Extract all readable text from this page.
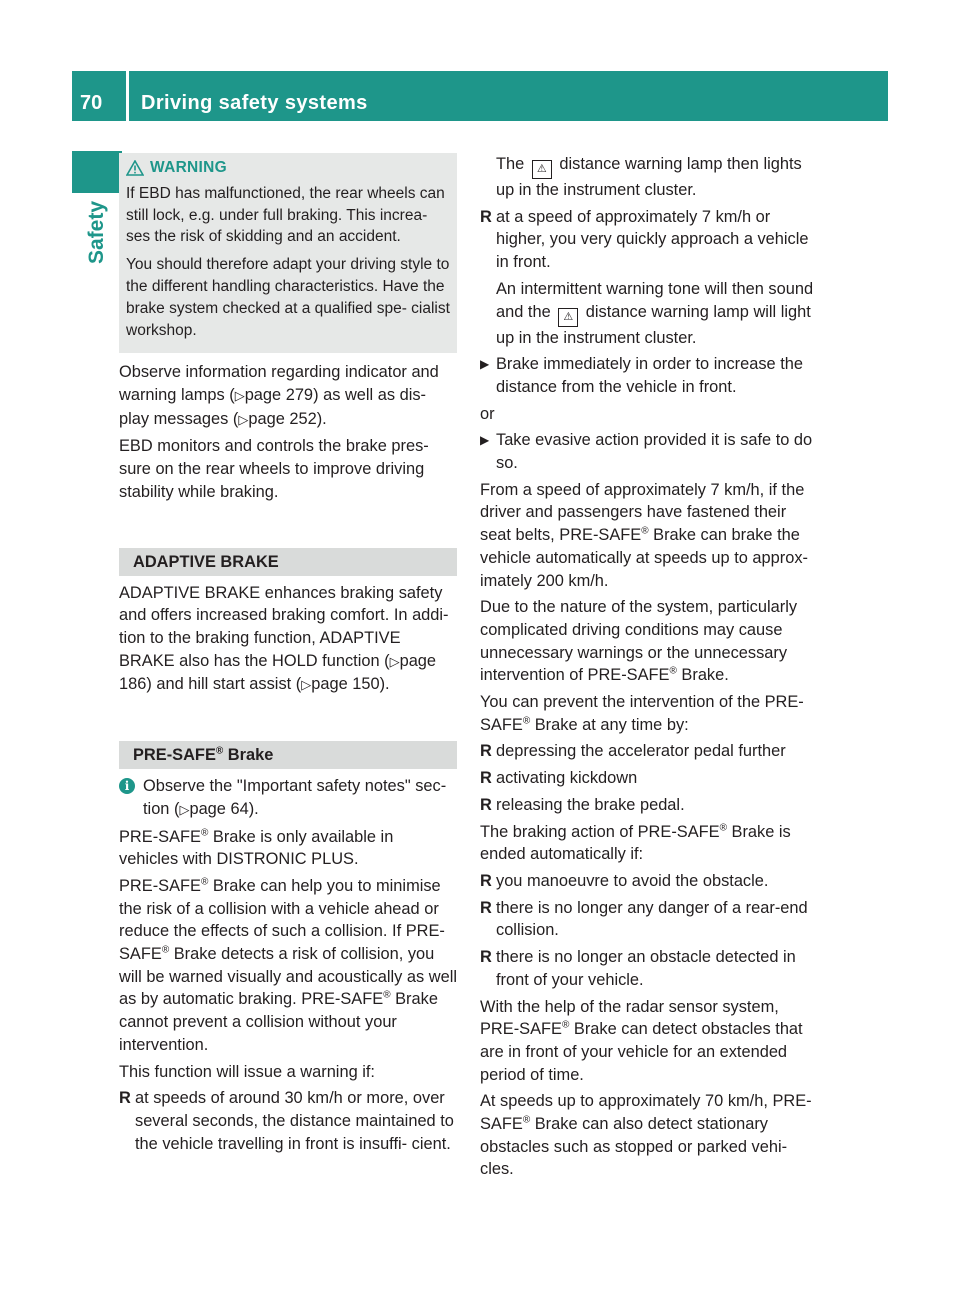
70 Driving safety systems
Safety
WARNING

If EBD has malfunctioned, the rear wheels can still lock, e.g. under full braking. This increa- ses the risk of skidding and an accident.

You should therefore adapt your driving style to the different handling characteristics. Have the brake system checked at a qualified spe- cialist workshop.

Observe information regarding indicator and warning lamps (▷page 279) as well as dis- play messages (▷page 252).

EBD monitors and controls the brake pres- sure on the rear wheels to improve driving stability while braking.

ADAPTIVE BRAKE

ADAPTIVE BRAKE enhances braking safety and offers increased braking comfort. In addi- tion to the braking function, ADAPTIVE BRAKE also has the HOLD function (▷page 186) and hill start assist (▷page 150).

PRE-SAFE® Brake
i Observe the "Important safety notes" sec- tion (▷page 64).

PRE-SAFE® Brake is only available in vehicles with DISTRONIC PLUS.

PRE-SAFE® Brake can help you to minimise the risk of a collision with a vehicle ahead or reduce the effects of such a collision. If PRE- SAFE® Brake detects a risk of collision, you will be warned visually and acoustically as well as by automatic braking. PRE-SAFE® Brake cannot prevent a collision without your intervention.

This function will issue a warning if:

R at speeds of around 30 km/h or more, over several seconds, the distance maintained to the vehicle travelling in front is insuffi- cient.

The ⚠ distance warning lamp then lights up in the instrument cluster.

R at a speed of approximately 7 km/h or higher, you very quickly approach a vehicle in front.

An intermittent warning tone will then sound and the ⚠ distance warning lamp will light up in the instrument cluster.
▶ Brake immediately in order to increase the distance from the vehicle in front.

or

▶ Take evasive action provided it is safe to do so.

From a speed of approximately 7 km/h, if the driver and passengers have fastened their seat belts, PRE-SAFE® Brake can brake the vehicle automatically at speeds up to approx- imately 200 km/h.

Due to the nature of the system, particularly complicated driving conditions may cause unnecessary warnings or the unnecessary intervention of PRE-SAFE® Brake.

You can prevent the intervention of the PRE- SAFE® Brake at any time by:

R depressing the accelerator pedal further
R activating kickdown
R releasing the brake pedal.

The braking action of PRE-SAFE® Brake is ended automatically if:

R you manoeuvre to avoid the obstacle.
R there is no longer any danger of a rear-end collision.
R there is no longer an obstacle detected in front of your vehicle.

With the help of the radar sensor system, PRE-SAFE® Brake can detect obstacles that are in front of your vehicle for an extended period of time.

At speeds up to approximately 70 km/h, PRE- SAFE® Brake can also detect stationary obstacles such as stopped or parked vehi- cles.
